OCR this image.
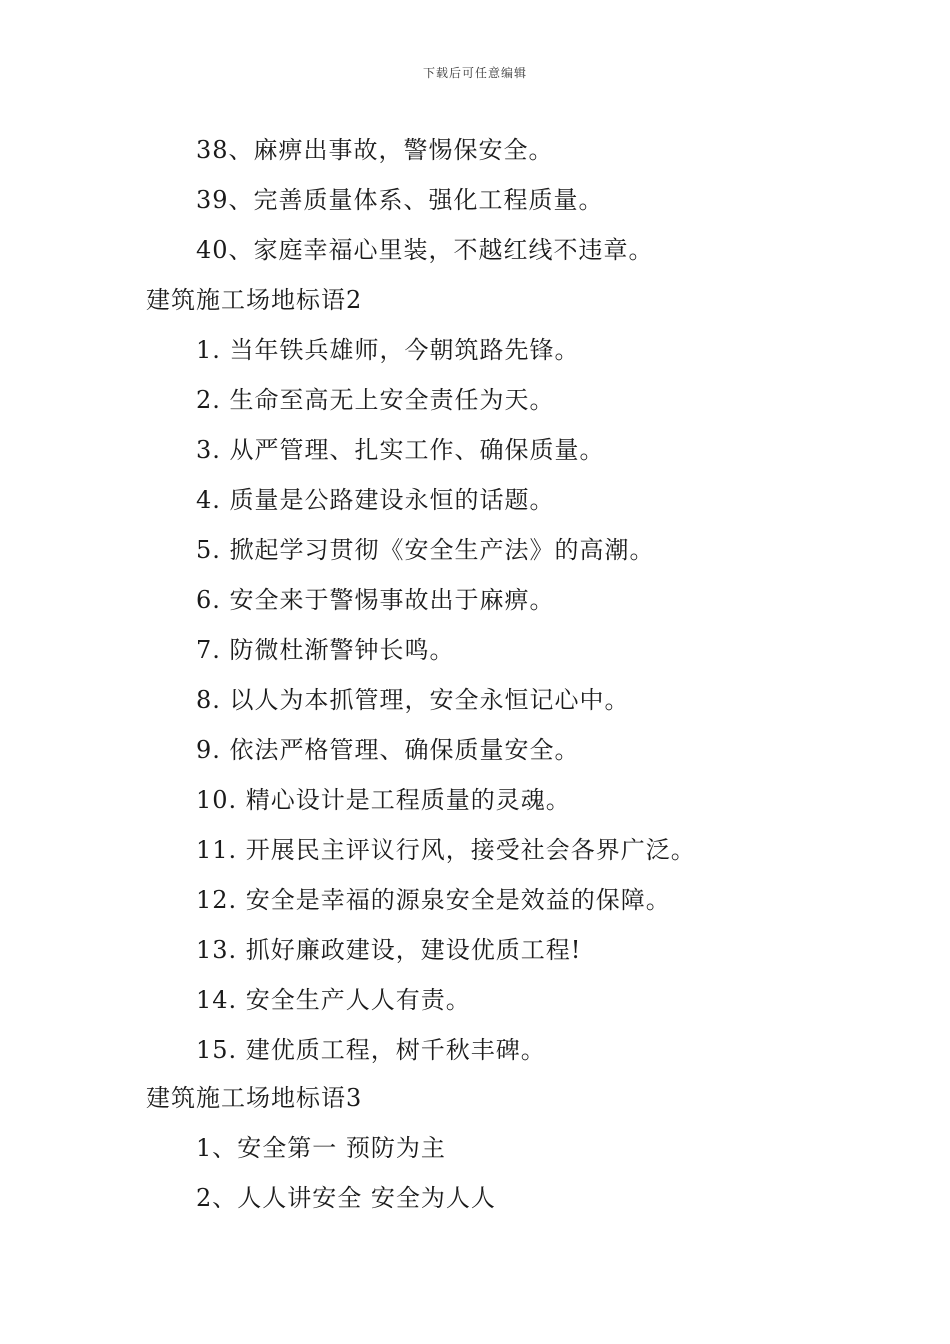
下载后可任意编辑
38、麻痹出事故，警惕保安全。
39、完善质量体系、强化工程质量。
40、家庭幸福心里装，不越红线不违章。
建筑施工场地标语2
1. 当年铁兵雄师，今朝筑路先锋。
2. 生命至高无上安全责任为天。
3. 从严管理、扎实工作、确保质量。
4. 质量是公路建设永恒的话题。
5. 掀起学习贯彻《安全生产法》的高潮。
6. 安全来于警惕事故出于麻痹。
7. 防微杜渐警钟长鸣。
8. 以人为本抓管理，安全永恒记心中。
9. 依法严格管理、确保质量安全。
10. 精心设计是工程质量的灵魂。
11. 开展民主评议行风，接受社会各界广泛。
12. 安全是幸福的源泉安全是效益的保障。
13. 抓好廉政建设，建设优质工程!
14. 安全生产人人有责。
15. 建优质工程，树千秋丰碑。
建筑施工场地标语3
1、安全第一 预防为主
2、人人讲安全 安全为人人
